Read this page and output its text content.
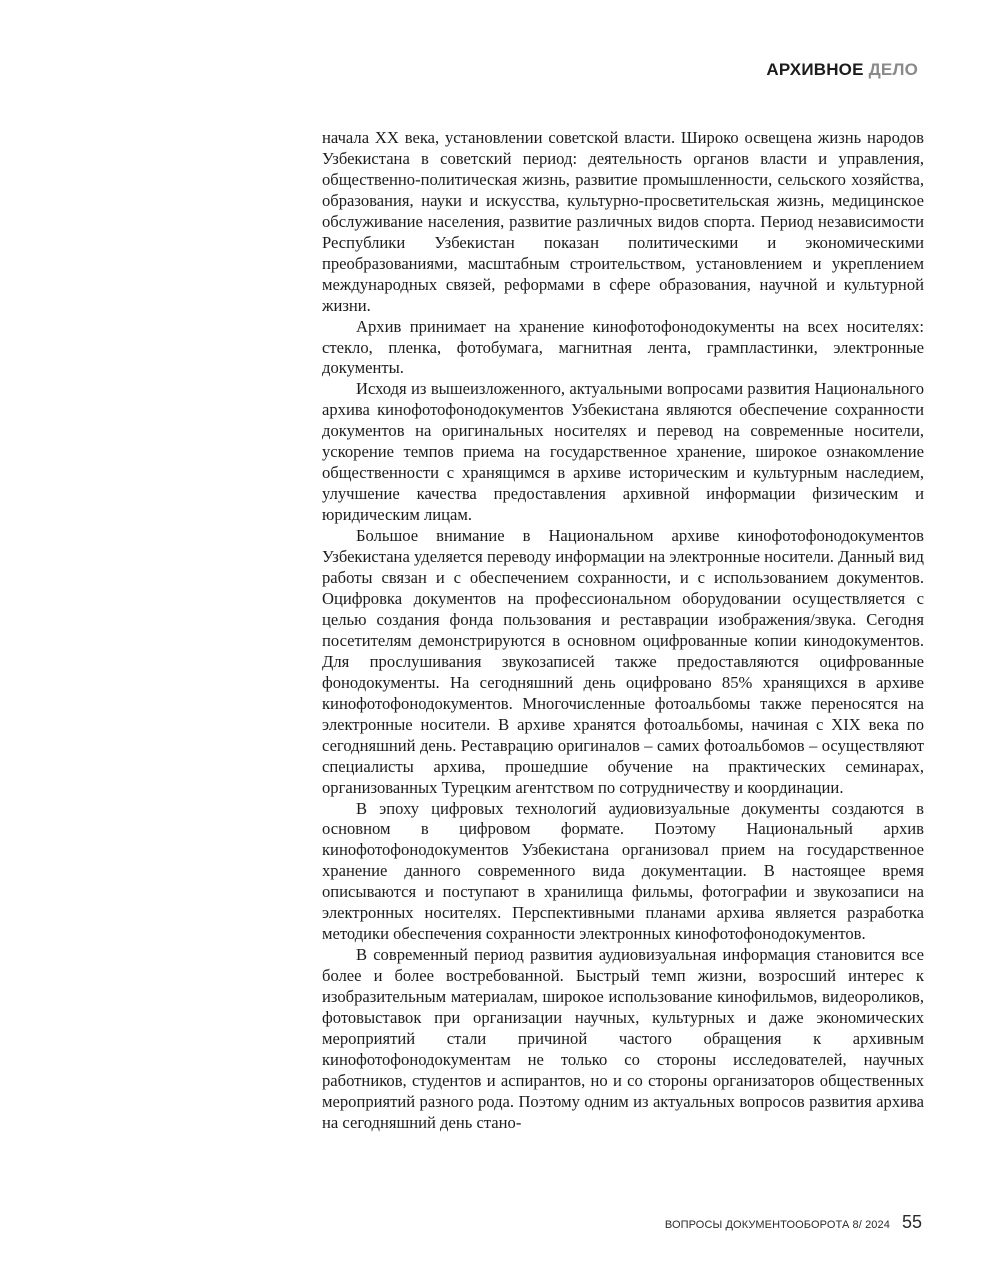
АРХИВНОЕ ДЕЛО

начала XX века, установлении советской власти. Широко освещена жизнь народов Узбекистана в советский период: деятельность органов власти и управления, общественно-политическая жизнь, развитие промышленности, сельского хозяйства, образования, науки и искусства, культурно-просветительская жизнь, медицинское обслуживание населения, развитие различных видов спорта. Период независимости Республики Узбекистан показан политическими и экономическими преобразованиями, масштабным строительством, установлением и укреплением международных связей, реформами в сфере образования, научной и культурной жизни.

Архив принимает на хранение кинофотофонодокументы на всех носителях: стекло, пленка, фотобумага, магнитная лента, грампластинки, электронные документы.

Исходя из вышеизложенного, актуальными вопросами развития Национального архива кинофотофонодокументов Узбекистана являются обеспечение сохранности документов на оригинальных носителях и перевод на современные носители, ускорение темпов приема на государственное хранение, широкое ознакомление общественности с хранящимся в архиве историческим и культурным наследием, улучшение качества предоставления архивной информации физическим и юридическим лицам.

Большое внимание в Национальном архиве кинофотофонодокументов Узбекистана уделяется переводу информации на электронные носители. Данный вид работы связан и с обеспечением сохранности, и с использованием документов. Оцифровка документов на профессиональном оборудовании осуществляется с целью создания фонда пользования и реставрации изображения/звука. Сегодня посетителям демонстрируются в основном оцифрованные копии кинодокументов. Для прослушивания звукозаписей также предоставляются оцифрованные фонодокументы. На сегодняшний день оцифровано 85% хранящихся в архиве кинофотофонодокументов. Многочисленные фотоальбомы также переносятся на электронные носители. В архиве хранятся фотоальбомы, начиная с XIX века по сегодняшний день. Реставрацию оригиналов – самих фотоальбомов – осуществляют специалисты архива, прошедшие обучение на практических семинарах, организованных Турецким агентством по сотрудничеству и координации.

В эпоху цифровых технологий аудиовизуальные документы создаются в основном в цифровом формате. Поэтому Национальный архив кинофотофонодокументов Узбекистана организовал прием на государственное хранение данного современного вида документации. В настоящее время описываются и поступают в хранилища фильмы, фотографии и звукозаписи на электронных носителях. Перспективными планами архива является разработка методики обеспечения сохранности электронных кинофотофонодокументов.

В современный период развития аудиовизуальная информация становится все более и более востребованной. Быстрый темп жизни, возросший интерес к изобразительным материалам, широкое использование кинофильмов, видеороликов, фотовыставок при организации научных, культурных и даже экономических мероприятий стали причиной частого обращения к архивным кинофотофонодокументам не только со стороны исследователей, научных работников, студентов и аспирантов, но и со стороны организаторов общественных мероприятий разного рода. Поэтому одним из актуальных вопросов развития архива на сегодняшний день стано-

ВОПРОСЫ ДОКУМЕНТООБОРОТА 8/ 2024 55
